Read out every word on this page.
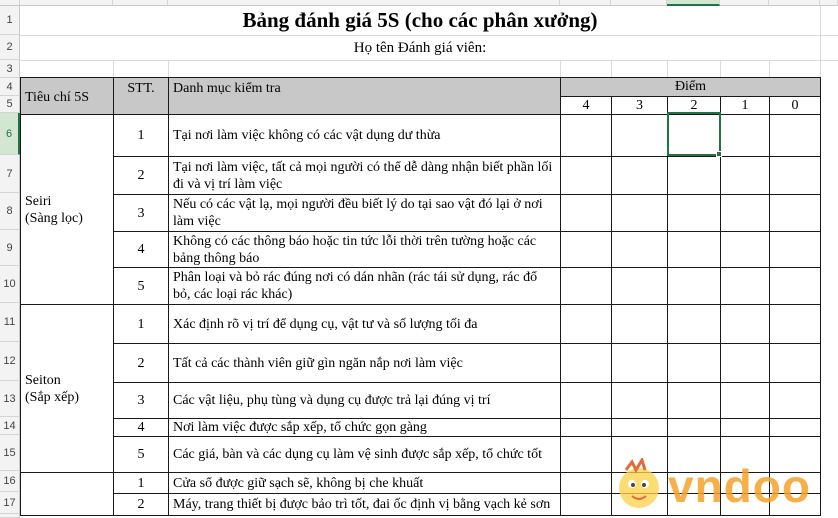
1
2
3
4
5
6
7
8
9
10
11
12
13
14
15
16
17
Bảng đánh giá 5S (cho các phân xưởng)
Họ tên Đánh giá viên:
Tiêu chí 5S	STT.	Danh mục kiểm tra	Điểm				
			4	3	2	1	0

Seiri
(Sàng lọc)	1	Tại nơi làm việc không có các vật dụng dư thừa					
	2	Tại nơi làm việc, tất cả mọi người có thể dễ dàng nhận biết phần lối đi và vị trí làm việc					
	3	Nếu có các vật lạ, mọi người đều biết lý do tại sao vật đó lại ở nơi làm việc					
	4	Không có các thông báo hoặc tin tức lỗi thời trên tường hoặc các bảng thông báo					
	5	Phân loại và bỏ rác đúng nơi có dán nhãn (rác tái sử dụng, rác đổ bỏ, các loại rác khác)					

Seiton
(Sắp xếp)	1	Xác định rõ vị trí để dụng cụ, vật tư và số lượng tối đa					
	2	Tất cả các thành viên giữ gìn ngăn nắp nơi làm việc					
	3	Các vật liệu, phụ tùng và dụng cụ được trả lại đúng vị trí					
	4	Nơi làm việc được sắp xếp, tổ chức gọn gàng					
	5	Các giá, bàn và các dụng cụ làm vệ sinh được sắp xếp, tổ chức tốt					
	1	Cửa sổ được giữ sạch sẽ, không bị che khuất					
	2	Máy, trang thiết bị được bảo trì tốt, đai ốc định vị bằng vạch kẻ sơn						vndoo
